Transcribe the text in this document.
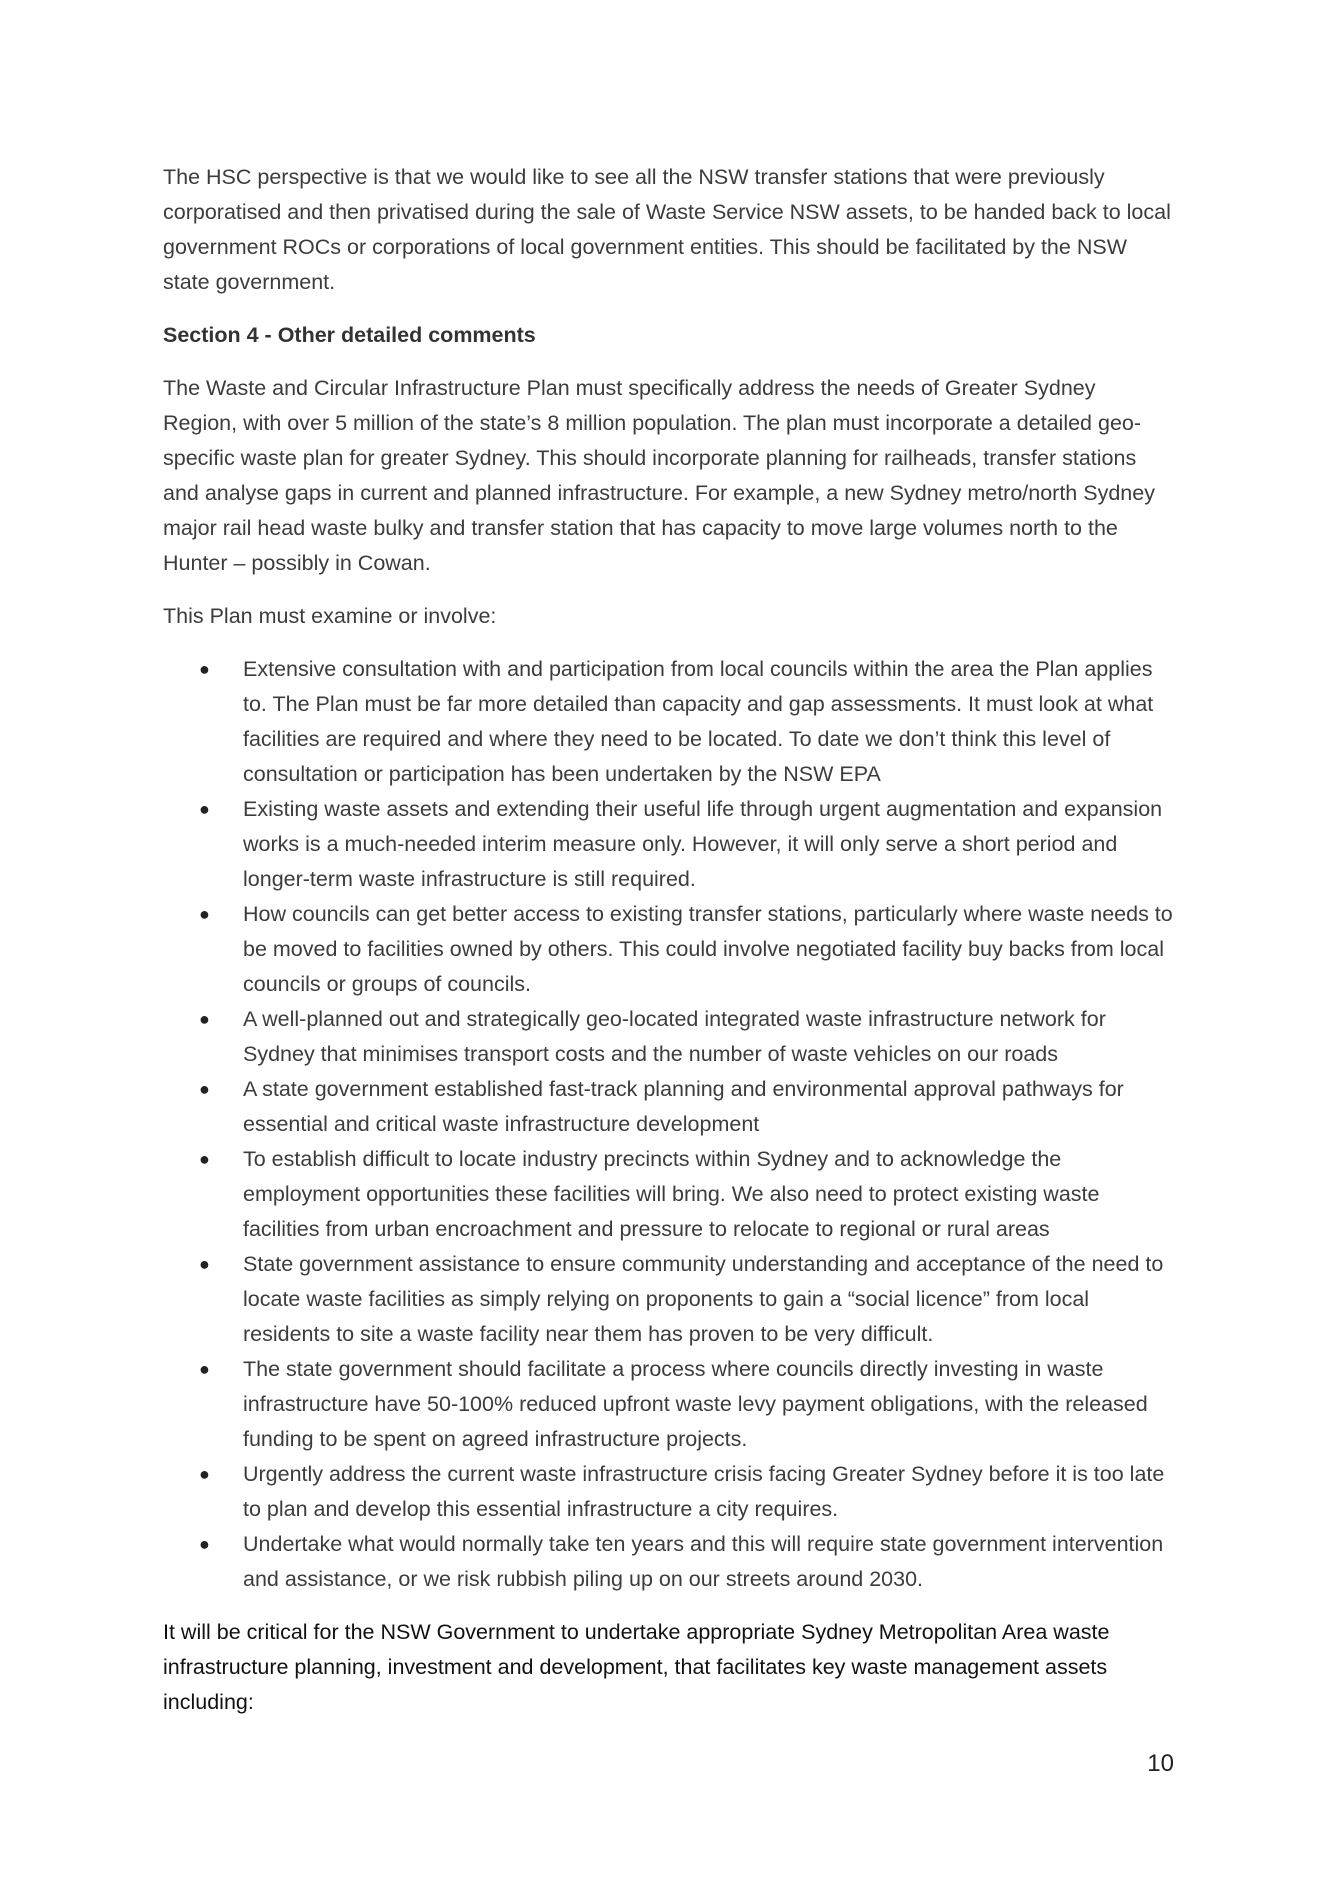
The HSC perspective is that we would like to see all the NSW transfer stations that were previously corporatised and then privatised during the sale of Waste Service NSW assets, to be handed back to local government ROCs or corporations of local government entities. This should be facilitated by the NSW state government.

Section 4 - Other detailed comments

The Waste and Circular Infrastructure Plan must specifically address the needs of Greater Sydney Region, with over 5 million of the state’s 8 million population. The plan must incorporate a detailed geo-specific waste plan for greater Sydney. This should incorporate planning for railheads, transfer stations and analyse gaps in current and planned infrastructure. For example, a new Sydney metro/north Sydney major rail head waste bulky and transfer station that has capacity to move large volumes north to the Hunter – possibly in Cowan.

This Plan must examine or involve:

● Extensive consultation with and participation from local councils within the area the Plan applies to. The Plan must be far more detailed than capacity and gap assessments. It must look at what facilities are required and where they need to be located. To date we don’t think this level of consultation or participation has been undertaken by the NSW EPA
● Existing waste assets and extending their useful life through urgent augmentation and expansion works is a much-needed interim measure only. However, it will only serve a short period and longer-term waste infrastructure is still required.
● How councils can get better access to existing transfer stations, particularly where waste needs to be moved to facilities owned by others. This could involve negotiated facility buy backs from local councils or groups of councils.
● A well-planned out and strategically geo-located integrated waste infrastructure network for Sydney that minimises transport costs and the number of waste vehicles on our roads
● A state government established fast-track planning and environmental approval pathways for essential and critical waste infrastructure development
● To establish difficult to locate industry precincts within Sydney and to acknowledge the employment opportunities these facilities will bring. We also need to protect existing waste facilities from urban encroachment and pressure to relocate to regional or rural areas
● State government assistance to ensure community understanding and acceptance of the need to locate waste facilities as simply relying on proponents to gain a “social licence” from local residents to site a waste facility near them has proven to be very difficult.
● The state government should facilitate a process where councils directly investing in waste infrastructure have 50-100% reduced upfront waste levy payment obligations, with the released funding to be spent on agreed infrastructure projects.
● Urgently address the current waste infrastructure crisis facing Greater Sydney before it is too late to plan and develop this essential infrastructure a city requires.
● Undertake what would normally take ten years and this will require state government intervention and assistance, or we risk rubbish piling up on our streets around 2030.

It will be critical for the NSW Government to undertake appropriate Sydney Metropolitan Area waste infrastructure planning, investment and development, that facilitates key waste management assets including:

10
